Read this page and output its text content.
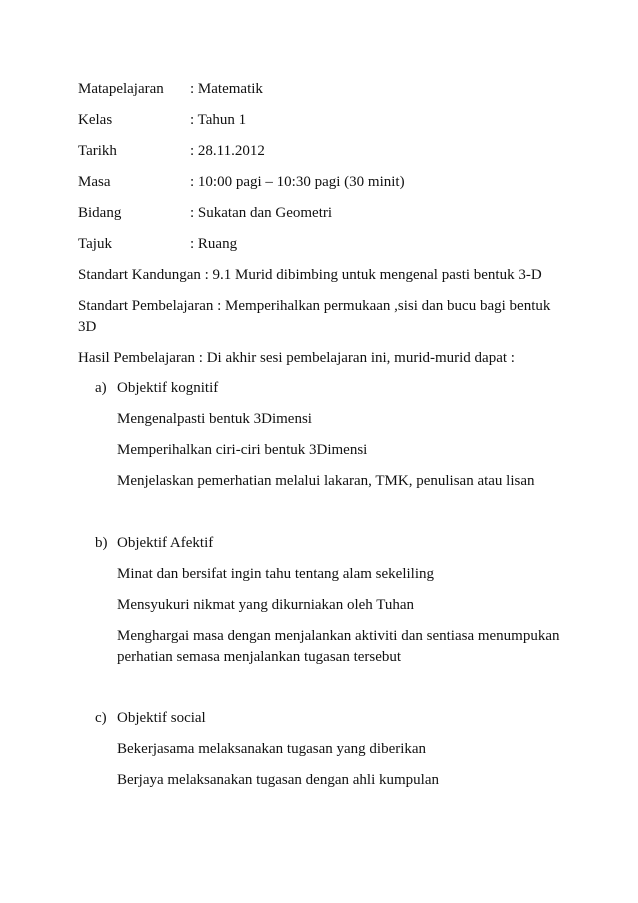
Matapelajaran : Matematik
Kelas	: Tahun 1
Tarikh	: 28.11.2012
Masa	: 10:00 pagi – 10:30 pagi (30 minit)
Bidang	: Sukatan dan Geometri
Tajuk	: Ruang
Standart Kandungan : 9.1 Murid dibimbing untuk mengenal pasti bentuk 3-D
Standart Pembelajaran : Memperihalkan permukaan ,sisi dan bucu bagi bentuk
3D
Hasil Pembelajaran : Di akhir sesi pembelajaran ini, murid-murid dapat :
a) Objektif kognitif
Mengenalpasti bentuk 3Dimensi
Memperihalkan ciri-ciri bentuk 3Dimensi
Menjelaskan pemerhatian melalui lakaran, TMK, penulisan atau lisan
b) Objektif Afektif
Minat dan bersifat ingin tahu tentang alam sekeliling
Mensyukuri nikmat yang dikurniakan oleh Tuhan
Menghargai masa dengan menjalankan aktiviti dan sentiasa menumpukan
perhatian semasa menjalankan tugasan tersebut
c) Objektif social
Bekerjasama melaksanakan tugasan yang diberikan
Berjaya melaksanakan tugasan dengan ahli kumpulan
